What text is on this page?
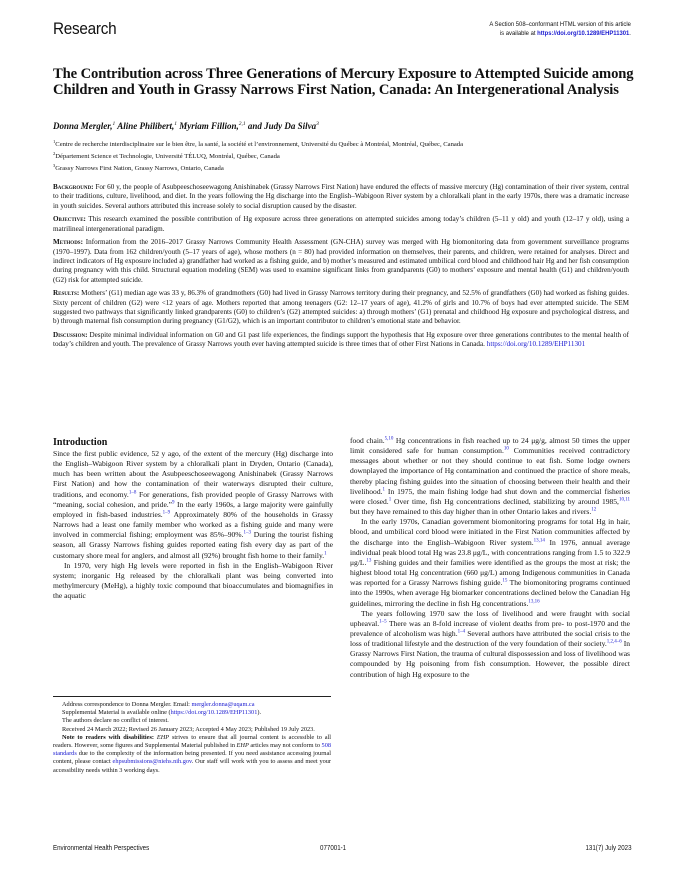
Research	A Section 508–conformant HTML version of this article
is available at https://doi.org/10.1289/EHP11301.
The Contribution across Three Generations of Mercury Exposure to Attempted Suicide among Children and Youth in Grassy Narrows First Nation, Canada: An Intergenerational Analysis
Donna Mergler,$^1$ Aline Philibert,$^1$ Myriam Fillion,$^{2,1}$ and Judy Da Silva$^3$
$^1$Centre de recherche interdisciplinaire sur le bien être, la santé, la société et l’environnement, Université du Québec à Montréal, Montréal, Québec, Canada
$^2$Département Science et Technologie, Université TÉLUQ, Montréal, Québec, Canada
$^3$Grassy Narrows First Nation, Grassy Narrows, Ontario, Canada

Background: For 60 y, the people of Asubpeeschoseewagong Anishinabek (Grassy Narrows First Nation) have endured the effects of massive mercury (Hg) contamination of their river system, central to their traditions, culture, livelihood, and diet. In the years following the Hg discharge into the English–Wabigoon River system by a chloralkali plant in the early 1970s, there was a dramatic increase in youth suicides. Several authors attributed this increase solely to social disruption caused by the disaster.

Objective: This research examined the possible contribution of Hg exposure across three generations on attempted suicides among today’s children (5–11 y old) and youth (12–17 y old), using a matrilineal intergenerational paradigm.

Methods: Information from the 2016–2017 Grassy Narrows Community Health Assessment (GN-CHA) survey was merged with Hg biomonitoring data from government surveillance programs (1970–1997). Data from 162 children/youth (5–17 years of age), whose mothers (n = 80) had provided information on themselves, their parents, and children, were retained for analyses. Direct and indirect indicators of Hg exposure included a) grandfather had worked as a fishing guide, and b) mother’s measured and estimated umbilical cord blood and childhood hair Hg and her fish consumption during pregnancy with this child. Structural equation modeling (SEM) was used to examine significant links from grandparents (G0) to mothers’ exposure and mental health (G1) and children/youth (G2) risk for attempted suicide.

Results: Mothers’ (G1) median age was 33 y, 86.3% of grandmothers (G0) had lived in Grassy Narrows territory during their pregnancy, and 52.5% of grandfathers (G0) had worked as fishing guides. Sixty percent of children (G2) were <12 years of age. Mothers reported that among teenagers (G2: 12–17 years of age), 41.2% of girls and 10.7% of boys had ever attempted suicide. The SEM suggested two pathways that significantly linked grandparents (G0) to children’s (G2) attempted suicides: a) through mothers’ (G1) prenatal and childhood Hg exposure and psychological distress, and b) through maternal fish consumption during pregnancy (G1/G2), which is an important contributor to children’s emotional state and behavior.

Discussion: Despite minimal individual information on G0 and G1 past life experiences, the findings support the hypothesis that Hg exposure over three generations contributes to the mental health of today’s children and youth. The prevalence of Grassy Narrows youth ever having attempted suicide is three times that of other First Nations in Canada. https://doi.org/10.1289/EHP11301

Introduction

Since the first public evidence, 52 y ago, of the extent of the mercury (Hg) discharge into the English–Wabigoon River system by a chloralkali plant in Dryden, Ontario (Canada), much has been written about the Asubpeeschoseewagong Anishinabek (Grassy Narrows First Nation) and how the contamination of their waterways disrupted their culture, traditions, and economy.$^{1-8}$ For generations, fish provided people of Grassy Narrows with “meaning, social cohesion, and pride.”$^9$ In the early 1960s, a large majority were gainfully employed in fish-based industries.$^{1-9}$ Approximately 80% of the households in Grassy Narrows had a least one family member who worked as a fishing guide and many were involved in commercial fishing; employment was 85%–90%.$^{1-3}$ During the tourist fishing season, all Grassy Narrows fishing guides reported eating fish every day as part of the customary shore meal for anglers, and almost all (92%) brought fish home to their family.$^1$

In 1970, very high Hg levels were reported in fish in the English–Wabigoon River system; inorganic Hg released by the chloralkali plant was being converted into methylmercury (MeHg), a highly toxic compound that bioaccumulates and biomagnifies in the aquatic

food chain.$^{5,10}$ Hg concentrations in fish reached up to 24 μg/g, almost 50 times the upper limit considered safe for human consumption.$^{10}$ Communities received contradictory messages about whether or not they should continue to eat fish. Some lodge owners downplayed the importance of Hg contamination and continued the practice of shore meals, thereby placing fishing guides into the situation of choosing between their health and their livelihood.$^1$ In 1975, the main fishing lodge had shut down and the commercial fisheries were closed.$^1$ Over time, fish Hg concentrations declined, stabilizing by around 1985,$^{10,11}$ but they have remained to this day higher than in other Ontario lakes and rivers.$^{12}$

In the early 1970s, Canadian government biomonitoring programs for total Hg in hair, blood, and umbilical cord blood were initiated in the First Nation communities affected by the discharge into the English–Wabigoon River system.$^{13,14}$ In 1976, annual average individual peak blood total Hg was 23.8 μg/L, with concentrations ranging from 1.5 to 322.9 μg/L.$^{13}$ Fishing guides and their families were identified as the groups the most at risk; the highest blood total Hg concentration (660 μg/L) among Indigenous communities in Canada was reported for a Grassy Narrows fishing guide.$^{15}$ The biomonitoring programs continued into the 1990s, when average Hg biomarker concentrations declined below the Canadian Hg guidelines, mirroring the decline in fish Hg concentrations.$^{13,16}$

The years following 1970 saw the loss of livelihood and were fraught with social upheaval.$^{1-5}$ There was an 8-fold increase of violent deaths from pre- to post-1970 and the prevalence of alcoholism was high.$^{1-4}$ Several authors have attributed the social crisis to the loss of traditional lifestyle and the destruction of the very foundation of their society.$^{1,2,4-6}$ In Grassy Narrows First Nation, the trauma of cultural dispossession and loss of livelihood was compounded by Hg poisoning from fish consumption. However, the possible direct contribution of high Hg exposure to the

Address correspondence to Donna Mergler. Email: mergler.donna@uqam.ca

Supplemental Material is available online (https://doi.org/10.1289/EHP11301).

The authors declare no conflict of interest.

Received 24 March 2022; Revised 26 January 2023; Accepted 4 May 2023; Published 19 July 2023.

Note to readers with disabilities: EHP strives to ensure that all journal content is accessible to all readers. However, some figures and Supplemental Material published in EHP articles may not conform to 508 standards due to the complexity of the information being presented. If you need assistance accessing journal content, please contact ehpsubmissions@niehs.nih.gov. Our staff will work with you to assess and meet your accessibility needs within 3 working days.

Environmental Health Perspectives	077001-1	131(7) July 2023
